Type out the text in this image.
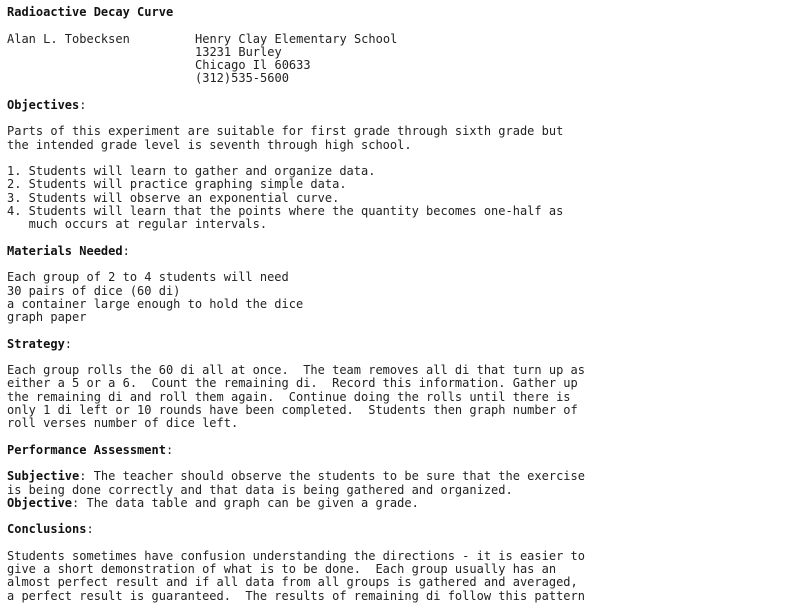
Radioactive Decay Curve
Alan L. Tobecksen	Henry Clay Elementary School
13231 Burley
Chicago Il 60633
(312)535-5600
Objectives:
Parts of this experiment are suitable for first grade through sixth grade but
the intended grade level is seventh through high school.
1. Students will learn to gather and organize data.
2. Students will practice graphing simple data.
3. Students will observe an exponential curve.
4. Students will learn that the points where the quantity becomes one-half as
much occurs at regular intervals.
Materials Needed:
Each group of 2 to 4 students will need
30 pairs of dice (60 di)
a container large enough to hold the dice
graph paper
Strategy:
Each group rolls the 60 di all at once.  The team removes all di that turn up as
either a 5 or a 6.  Count the remaining di.  Record this information. Gather up
the remaining di and roll them again.  Continue doing the rolls until there is
only 1 di left or 10 rounds have been completed.  Students then graph number of
roll verses number of dice left.
Performance Assessment:
Subjective: The teacher should observe the students to be sure that the exercise
is being done correctly and that data is being gathered and organized.
Objective: The data table and graph can be given a grade.
Conclusions:
Students sometimes have confusion understanding the directions - it is easier to
give a short demonstration of what is to be done.  Each group usually has an
almost perfect result and if all data from all groups is gathered and averaged,
a perfect result is guaranteed.  The results of remaining di follow this pattern
